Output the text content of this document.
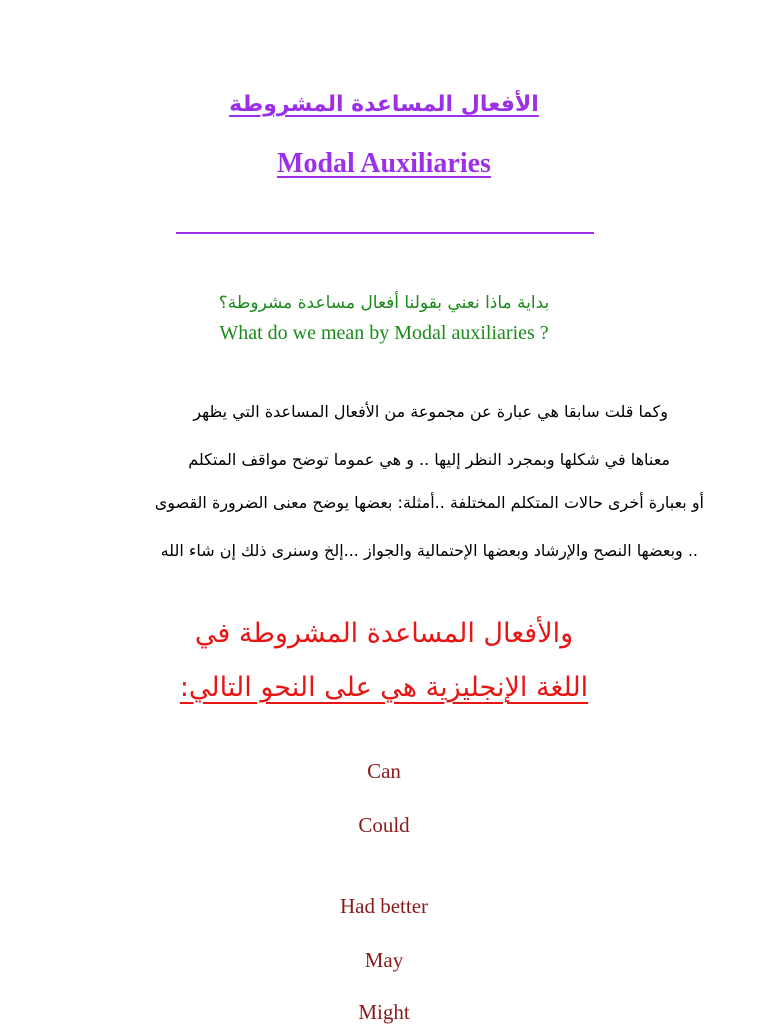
الأفعال المساعدة المشروطة
Modal Auxiliaries
بداية ماذا نعني بقولنا أفعال مساعدة مشروطة؟
What do we mean by Modal auxiliaries ?
وكما قلت سابقا هي عبارة عن مجموعة من الأفعال المساعدة التي يظهر
معناها في شكلها وبمجرد النظر إليها .. و هي عموما توضح مواقف المتكلم
أو بعبارة أخرى حالات المتكلم المختلفة ..أمثلة: بعضها يوضح معنى الضرورة القصوى
.. وبعضها النصح والإرشاد وبعضها الإحتمالية والجواز ...إلخ وسنرى ذلك إن شاء الله
والأفعال المساعدة المشروطة في
اللغة الإنجليزية هي على النحو التالي:
Can
Could
Had better
May
Might
